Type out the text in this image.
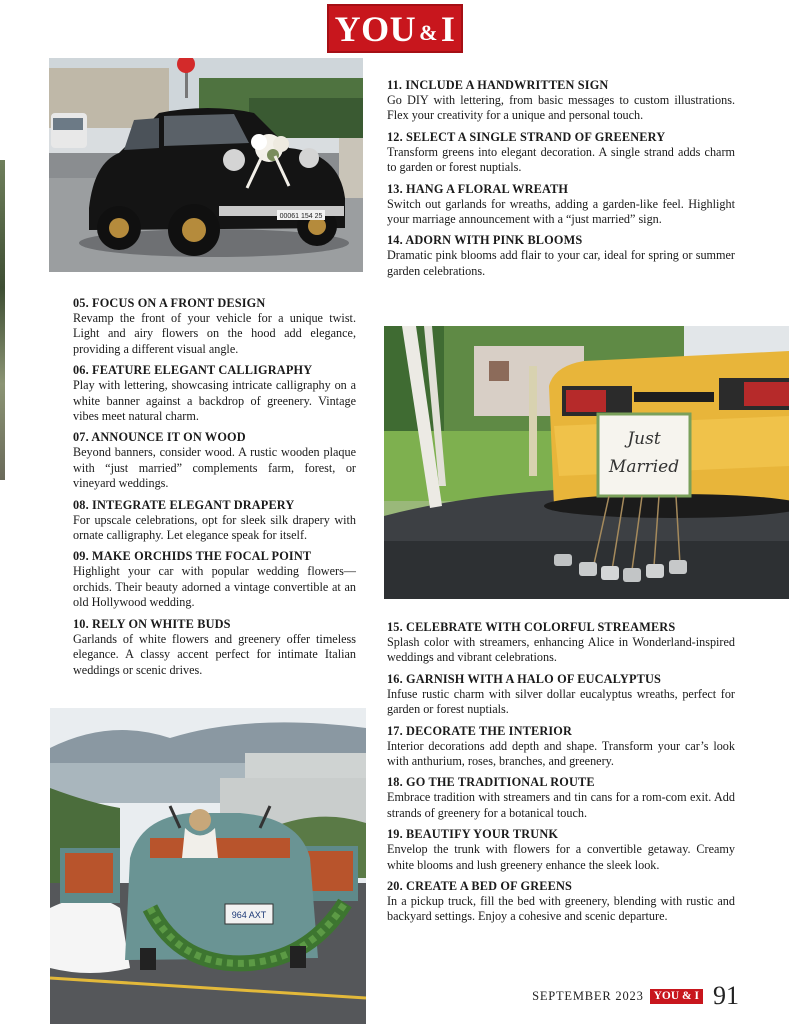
YOU & I
00061 154 25
Just
Married
964 AXT

05. FOCUS ON A FRONT DESIGN

Revamp the front of your vehicle for a unique twist. Light and airy flowers on the hood add elegance, providing a different visual angle.

06. FEATURE ELEGANT CALLIGRAPHY

Play with lettering, showcasing intricate calligraphy on a white banner against a backdrop of greenery. Vintage vibes meet natural charm.

07. ANNOUNCE IT ON WOOD

Beyond banners, consider wood. A rustic wooden plaque with “just married” complements farm, forest, or vineyard weddings.

08. INTEGRATE ELEGANT DRAPERY

For upscale celebrations, opt for sleek silk drapery with ornate calligraphy. Let elegance speak for itself.

09. MAKE ORCHIDS THE FOCAL POINT

Highlight your car with popular wedding flowers—orchids. Their beauty adorned a vintage convertible at an old Hollywood wedding.

10. RELY ON WHITE BUDS

Garlands of white flowers and greenery offer timeless elegance. A classy accent perfect for intimate Italian weddings or scenic drives.

11. INCLUDE A HANDWRITTEN SIGN

Go DIY with lettering, from basic messages to custom illustrations. Flex your creativity for a unique and personal touch.

12. SELECT A SINGLE STRAND OF GREENERY

Transform greens into elegant decoration. A single strand adds charm to garden or forest nuptials.

13. HANG A FLORAL WREATH

Switch out garlands for wreaths, adding a garden-like feel. Highlight your marriage announcement with a “just married” sign.

14. ADORN WITH PINK BLOOMS

Dramatic pink blooms add flair to your car, ideal for spring or summer garden celebrations.

15. CELEBRATE WITH COLORFUL STREAMERS

Splash color with streamers, enhancing Alice in Wonderland-inspired weddings and vibrant celebrations.

16. GARNISH WITH A HALO OF EUCALYPTUS

Infuse rustic charm with silver dollar eucalyptus wreaths, perfect for garden or forest nuptials.

17. DECORATE THE INTERIOR

Interior decorations add depth and shape. Transform your car’s look with anthurium, roses, branches, and greenery.

18. GO THE TRADITIONAL ROUTE

Embrace tradition with streamers and tin cans for a rom-com exit. Add strands of greenery for a botanical touch.

19. BEAUTIFY YOUR TRUNK

Envelop the trunk with flowers for a convertible getaway. Creamy white blooms and lush greenery enhance the sleek look.

20. CREATE A BED OF GREENS

In a pickup truck, fill the bed with greenery, blending with rustic and backyard settings. Enjoy a cohesive and scenic departure.

SEPTEMBER 2023 YOU & I 91
